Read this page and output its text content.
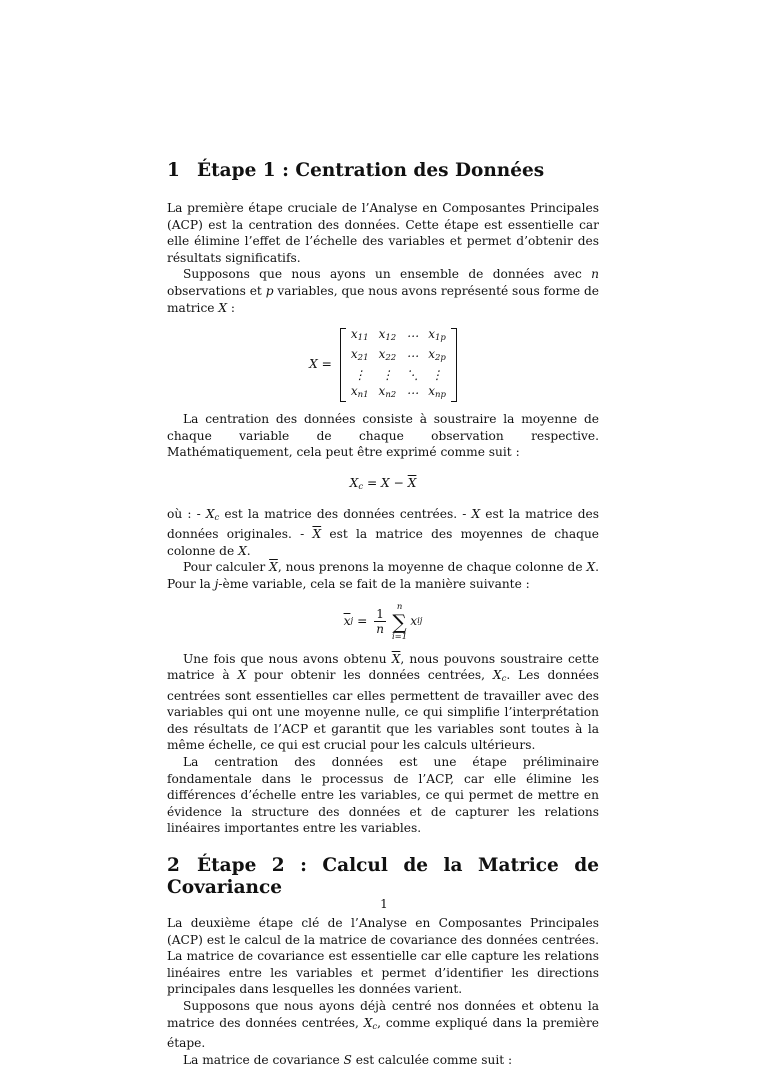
1 Étape 1 : Centration des Données

La première étape cruciale de l’Analyse en Composantes Principales (ACP) est la centration des données. Cette étape est essentielle car elle élimine l’effet de l’échelle des variables et permet d’obtenir des résultats significatifs.

Supposons que nous ayons un ensemble de données avec n observations et p variables, que nous avons représenté sous forme de matrice X :

X =
$x_{11}$	$x_{12}$	⋯	$x_{1p}$
$x_{21}$	$x_{22}$	⋯	$x_{2p}$
⋮	⋮	⋱	⋮
$x_{n1}$	$x_{n2}$	⋯	$x_{np}$

La centration des données consiste à soustraire la moyenne de chaque variable de chaque observation respective. Mathématiquement, cela peut être exprimé comme suit :

$X_c = X - \overline{X}$

où : - $X_c$ est la matrice des données centrées. - X est la matrice des données originales. - $\overline{X}$ est la matrice des moyennes de chaque colonne de X.

Pour calculer $\overline{X}$, nous prenons la moyenne de chaque colonne de X. Pour la j-ème variable, cela se fait de la manière suivante :

$\overline{x}$ $j = \frac{1}{n}$
n
∑
i=1
x ij

Une fois que nous avons obtenu $\overline{X}$, nous pouvons soustraire cette matrice à X pour obtenir les données centrées, $X_c$. Les données centrées sont essentielles car elles permettent de travailler avec des variables qui ont une moyenne nulle, ce qui simplifie l’interprétation des résultats de l’ACP et garantit que les variables sont toutes à la même échelle, ce qui est crucial pour les calculs ultérieurs.

La centration des données est une étape préliminaire fondamentale dans le processus de l’ACP, car elle élimine les différences d’échelle entre les variables, ce qui permet de mettre en évidence la structure des données et de capturer les relations linéaires importantes entre les variables.

2 Étape 2 : Calcul de la Matrice de Covariance

La deuxième étape clé de l’Analyse en Composantes Principales (ACP) est le calcul de la matrice de covariance des données centrées. La matrice de covariance est essentielle car elle capture les relations linéaires entre les variables et permet d’identifier les directions principales dans lesquelles les données varient.

Supposons que nous ayons déjà centré nos données et obtenu la matrice des données centrées, $X_c$, comme expliqué dans la première étape.

La matrice de covariance S est calculée comme suit :

1
